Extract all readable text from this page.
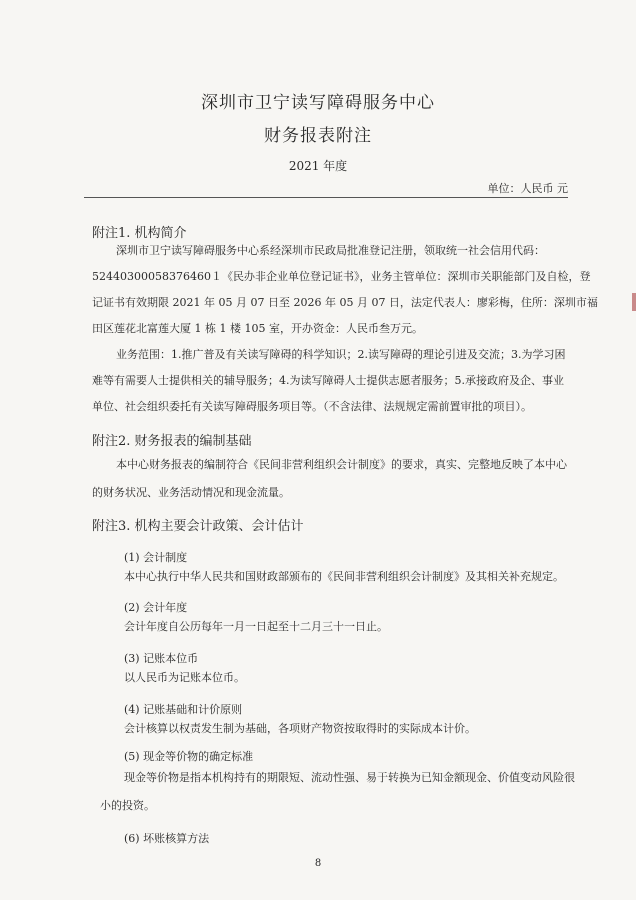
深圳市卫宁读写障碍服务中心
财务报表附注
2021 年度
单位：人民币 元
附注1. 机构简介
深圳市卫宁读写障碍服务中心系经深圳市民政局批准登记注册，领取统一社会信用代码：
52440300058376460１《民办非企业单位登记证书》，业务主管单位：深圳市关职能部门及自检，登
记证书有效期限 2021 年 05 月 07 日至 2026 年 05 月 07 日，法定代表人：廖彩梅，住所：深圳市福
田区莲花北富莲大厦 1 栋 1 楼 105 室，开办资金：人民币叁万元。
业务范围：1.推广普及有关读写障碍的科学知识；2.读写障碍的理论引进及交流；3.为学习困
难等有需要人士提供相关的辅导服务；4.为读写障碍人士提供志愿者服务；5.承接政府及企、事业
单位、社会组织委托有关读写障碍服务项目等。（不含法律、法规规定需前置审批的项目）。
附注2. 财务报表的编制基础
本中心财务报表的编制符合《民间非营利组织会计制度》的要求，真实、完整地反映了本中心
的财务状况、业务活动情况和现金流量。
附注3. 机构主要会计政策、会计估计
(1) 会计制度
本中心执行中华人民共和国财政部颁布的《民间非营利组织会计制度》及其相关补充规定。
(2) 会计年度
会计年度自公历每年一月一日起至十二月三十一日止。
(3) 记账本位币
以人民币为记账本位币。
(4) 记账基础和计价原则
会计核算以权责发生制为基础，各项财产物资按取得时的实际成本计价。
(5) 现金等价物的确定标准
现金等价物是指本机构持有的期限短、流动性强、易于转换为已知金额现金、价值变动风险很
小的投资。
(6) 坏账核算方法
8
